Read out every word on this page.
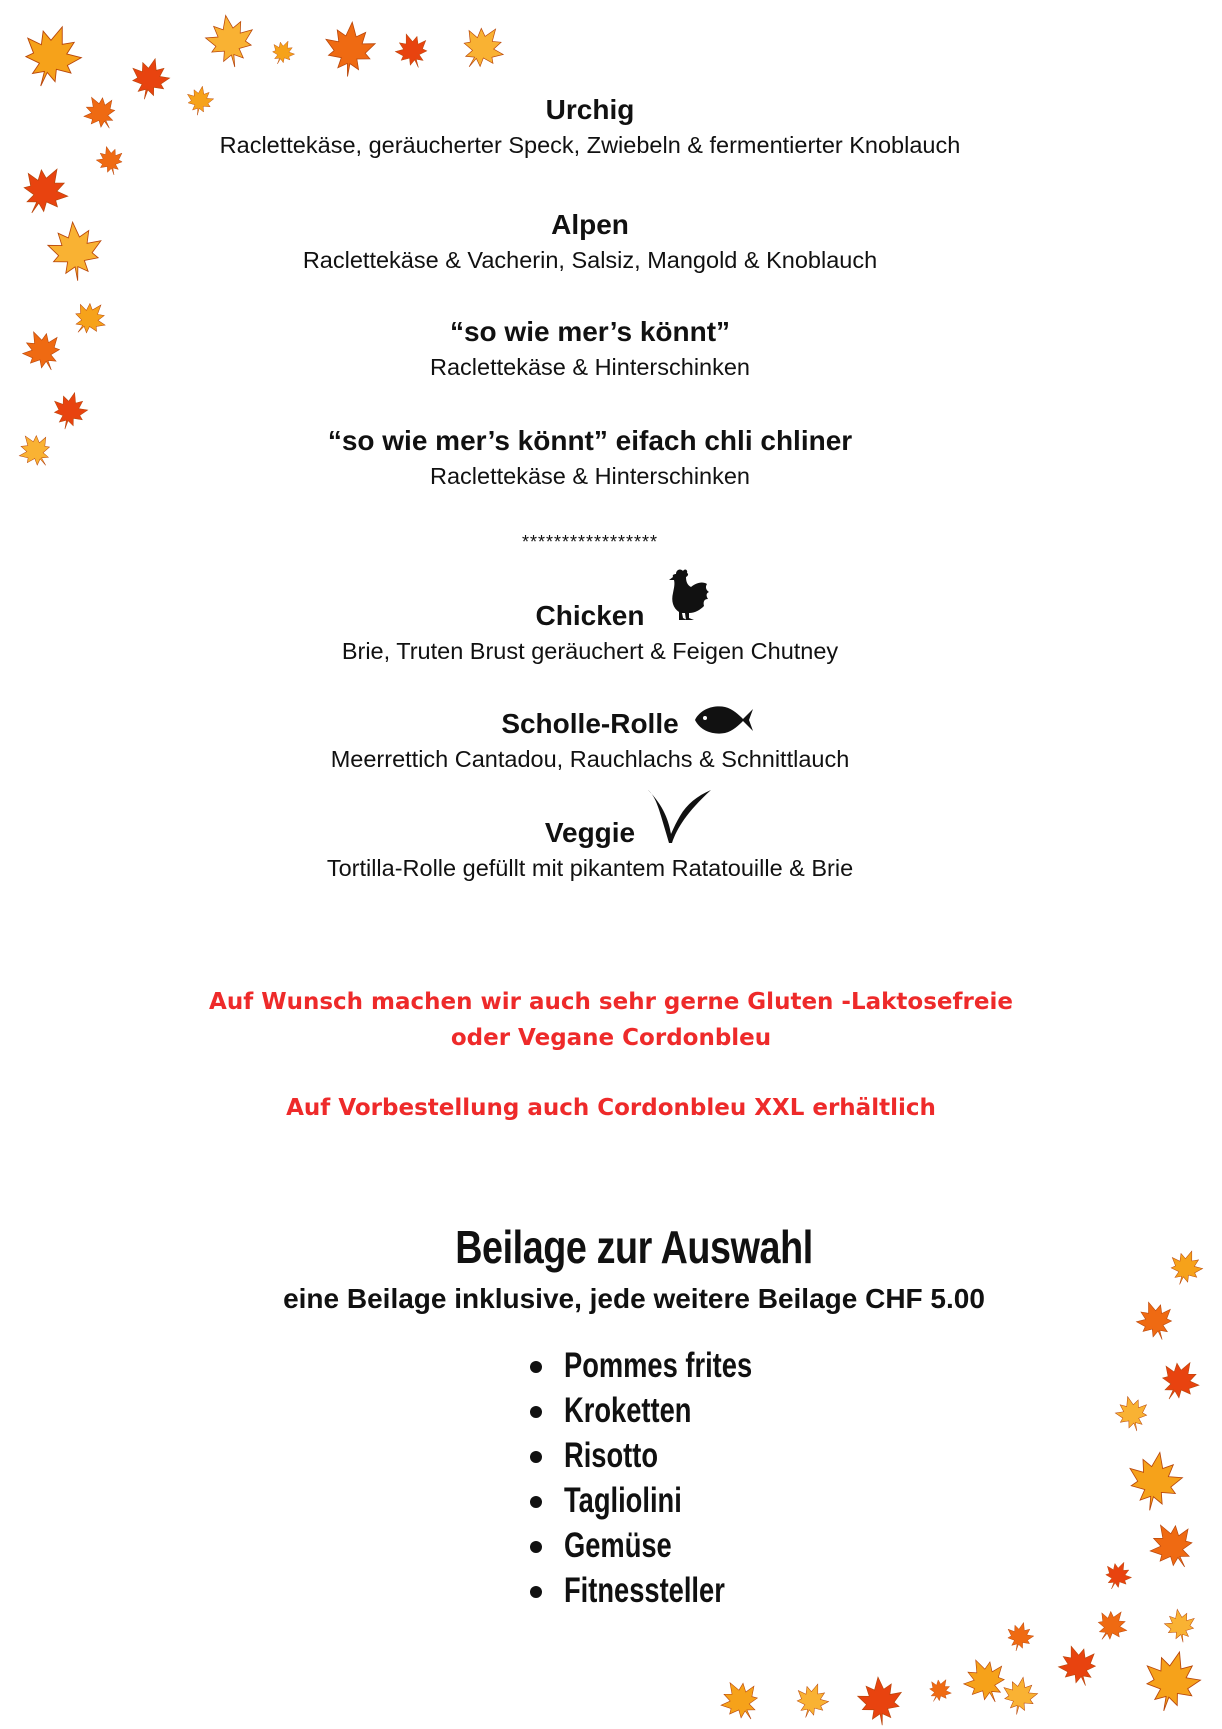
Urchig
Raclettekäse, geräucherter Speck, Zwiebeln & fermentierter Knoblauch
Alpen
Raclettekäse & Vacherin, Salsiz, Mangold & Knoblauch
“so wie mer’s könnt”
Raclettekäse & Hinterschinken
“so wie mer’s könnt” eifach chli chliner
Raclettekäse & Hinterschinken
*****************
Chicken
Brie, Truten Brust geräuchert & Feigen Chutney
Scholle-Rolle
Meerrettich Cantadou, Rauchlachs & Schnittlauch
Veggie
Tortilla-Rolle gefüllt mit pikantem Ratatouille & Brie
Auf Wunsch machen wir auch sehr gerne Gluten -Laktosefreie
oder Vegane Cordonbleu
Auf Vorbestellung auch Cordonbleu XXL erhältlich
Beilage zur Auswahl
eine Beilage inklusive, jede weitere Beilage CHF 5.00
Pommes frites
Kroketten
Risotto
Tagliolini
Gemüse
Fitnessteller
